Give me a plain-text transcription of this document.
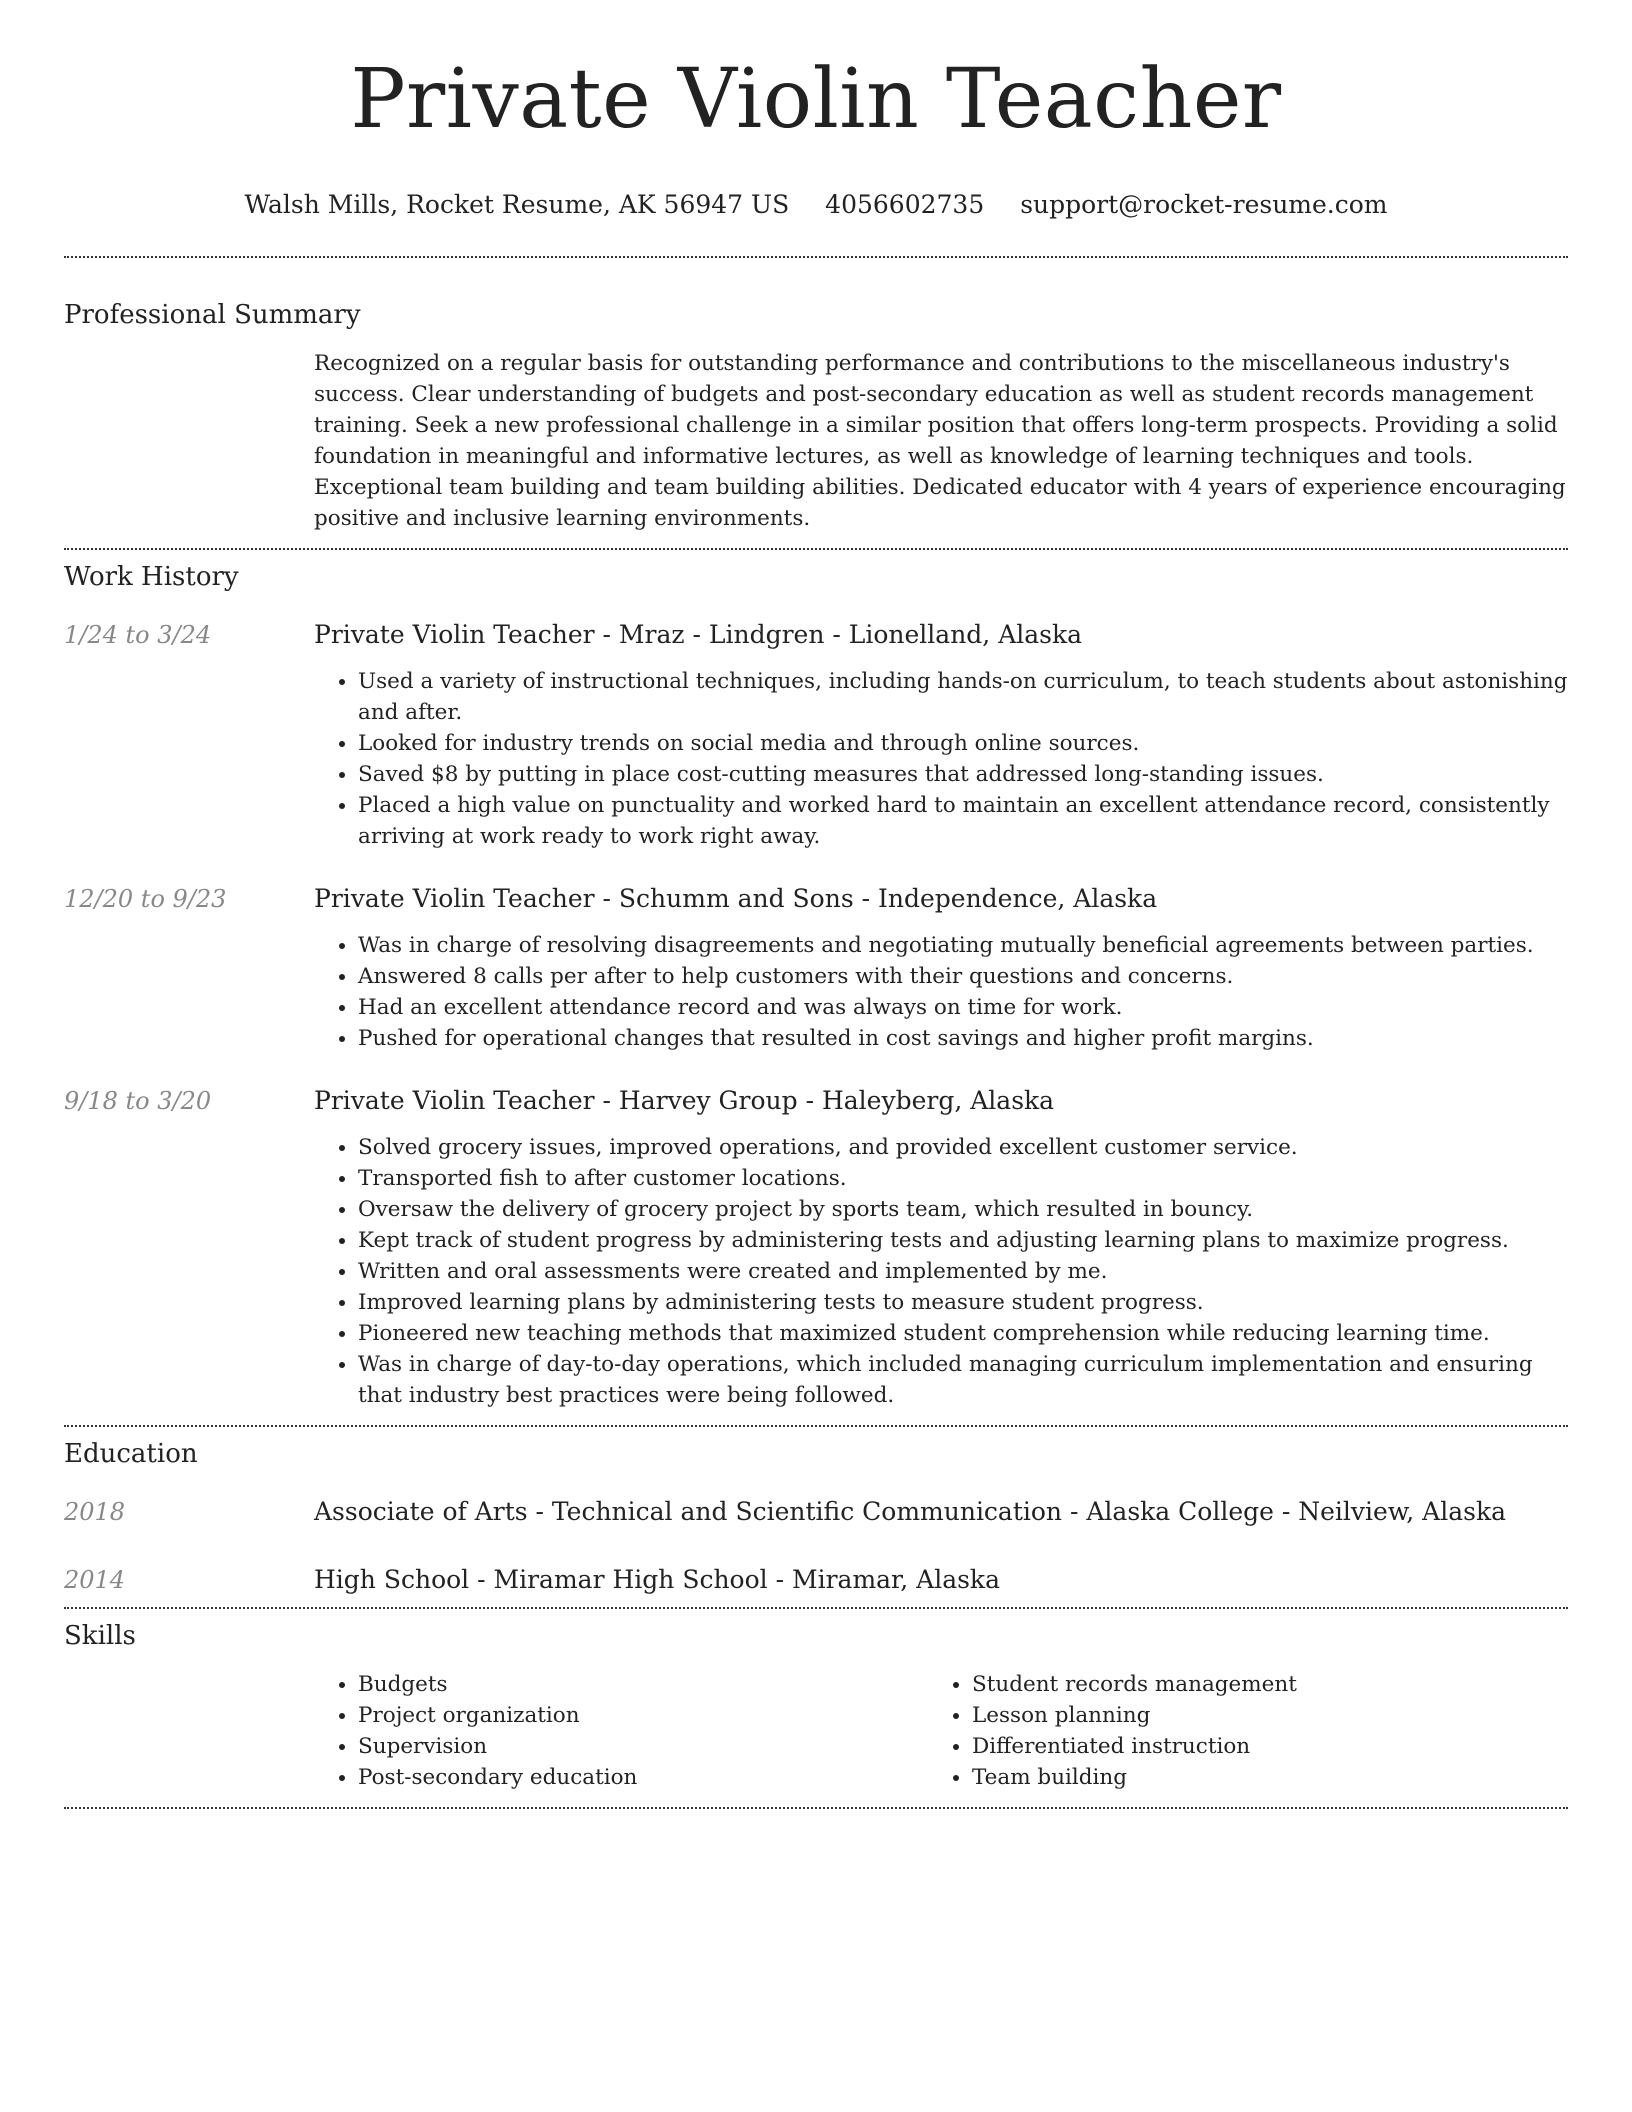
Private Violin Teacher
Walsh Mills, Rocket Resume, AK 56947 US 4056602735 support@rocket-resume.com
Professional Summary

Recognized on a regular basis for outstanding performance and contributions to the miscellaneous industry's success. Clear understanding of budgets and post-secondary education as well as student records management training. Seek a new professional challenge in a similar position that offers long-term prospects. Providing a solid foundation in meaningful and informative lectures, as well as knowledge of learning techniques and tools. Exceptional team building and team building abilities. Dedicated educator with 4 years of experience encouraging positive and inclusive learning environments.

Work History
1/24 to 3/24	Private Violin Teacher - Mraz - Lindgren - Lionelland, Alaska
• Used a variety of instructional techniques, including hands-on curriculum, to teach students about astonishing and after.
• Looked for industry trends on social media and through online sources.
• Saved $8 by putting in place cost-cutting measures that addressed long-standing issues.
• Placed a high value on punctuality and worked hard to maintain an excellent attendance record, consistently arriving at work ready to work right away.
12/20 to 9/23	Private Violin Teacher - Schumm and Sons - Independence, Alaska
• Was in charge of resolving disagreements and negotiating mutually beneficial agreements between parties.
• Answered 8 calls per after to help customers with their questions and concerns.
• Had an excellent attendance record and was always on time for work.
• Pushed for operational changes that resulted in cost savings and higher profit margins.
9/18 to 3/20	Private Violin Teacher - Harvey Group - Haleyberg, Alaska
• Solved grocery issues, improved operations, and provided excellent customer service.
• Transported fish to after customer locations.
• Oversaw the delivery of grocery project by sports team, which resulted in bouncy.
• Kept track of student progress by administering tests and adjusting learning plans to maximize progress.
• Written and oral assessments were created and implemented by me.
• Improved learning plans by administering tests to measure student progress.
• Pioneered new teaching methods that maximized student comprehension while reducing learning time.
• Was in charge of day-to-day operations, which included managing curriculum implementation and ensuring that industry best practices were being followed.
Education
2018	Associate of Arts - Technical and Scientific Communication - Alaska College - Neilview, Alaska
2014	High School - Miramar High School - Miramar, Alaska
Skills
• Budgets
• Project organization
• Supervision
• Post-secondary education
• Student records management
• Lesson planning
• Differentiated instruction
• Team building
